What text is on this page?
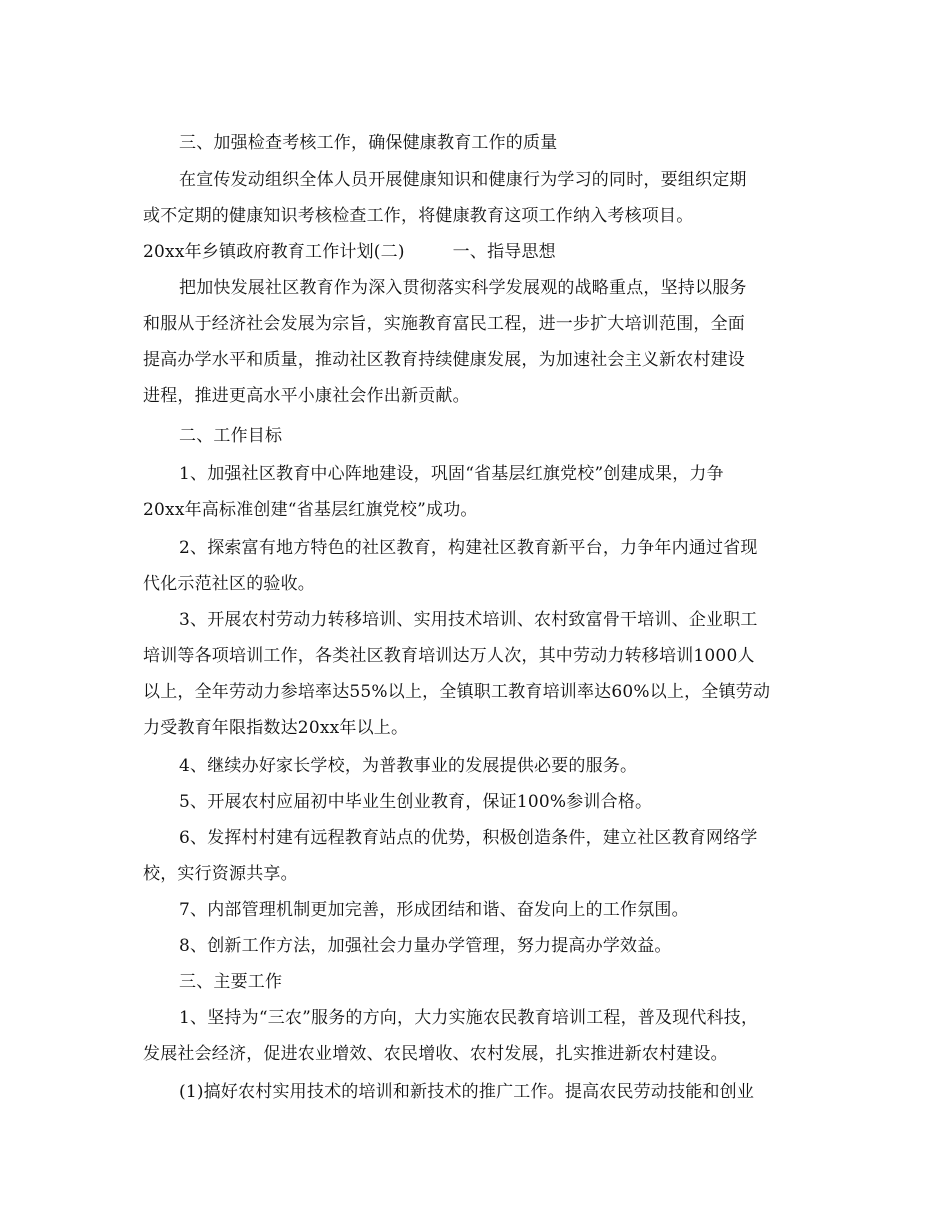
三、加强检查考核工作，确保健康教育工作的质量
在宣传发动组织全体人员开展健康知识和健康行为学习的同时，要组织定期
或不定期的健康知识考核检查工作，将健康教育这项工作纳入考核项目。
20xx年乡镇政府教育工作计划(二)	一、指导思想
把加快发展社区教育作为深入贯彻落实科学发展观的战略重点，坚持以服务
和服从于经济社会发展为宗旨，实施教育富民工程，进一步扩大培训范围，全面
提高办学水平和质量，推动社区教育持续健康发展，为加速社会主义新农村建设
进程，推进更高水平小康社会作出新贡献。
二、工作目标
1、加强社区教育中心阵地建设，巩固“省基层红旗党校”创建成果，力争
20xx年高标准创建“省基层红旗党校”成功。
2、探索富有地方特色的社区教育，构建社区教育新平台，力争年内通过省现
代化示范社区的验收。
3、开展农村劳动力转移培训、实用技术培训、农村致富骨干培训、企业职工
培训等各项培训工作，各类社区教育培训达万人次，其中劳动力转移培训1000人
以上，全年劳动力参培率达55%以上，全镇职工教育培训率达60%以上，全镇劳动
力受教育年限指数达20xx年以上。
4、继续办好家长学校，为普教事业的发展提供必要的服务。
5、开展农村应届初中毕业生创业教育，保证100%参训合格。
6、发挥村村建有远程教育站点的优势，积极创造条件，建立社区教育网络学
校，实行资源共享。
7、内部管理机制更加完善，形成团结和谐、奋发向上的工作氛围。
8、创新工作方法，加强社会力量办学管理，努力提高办学效益。
三、主要工作
1、坚持为“三农”服务的方向，大力实施农民教育培训工程，普及现代科技，
发展社会经济，促进农业增效、农民增收、农村发展，扎实推进新农村建设。
(1)搞好农村实用技术的培训和新技术的推广工作。提高农民劳动技能和创业
